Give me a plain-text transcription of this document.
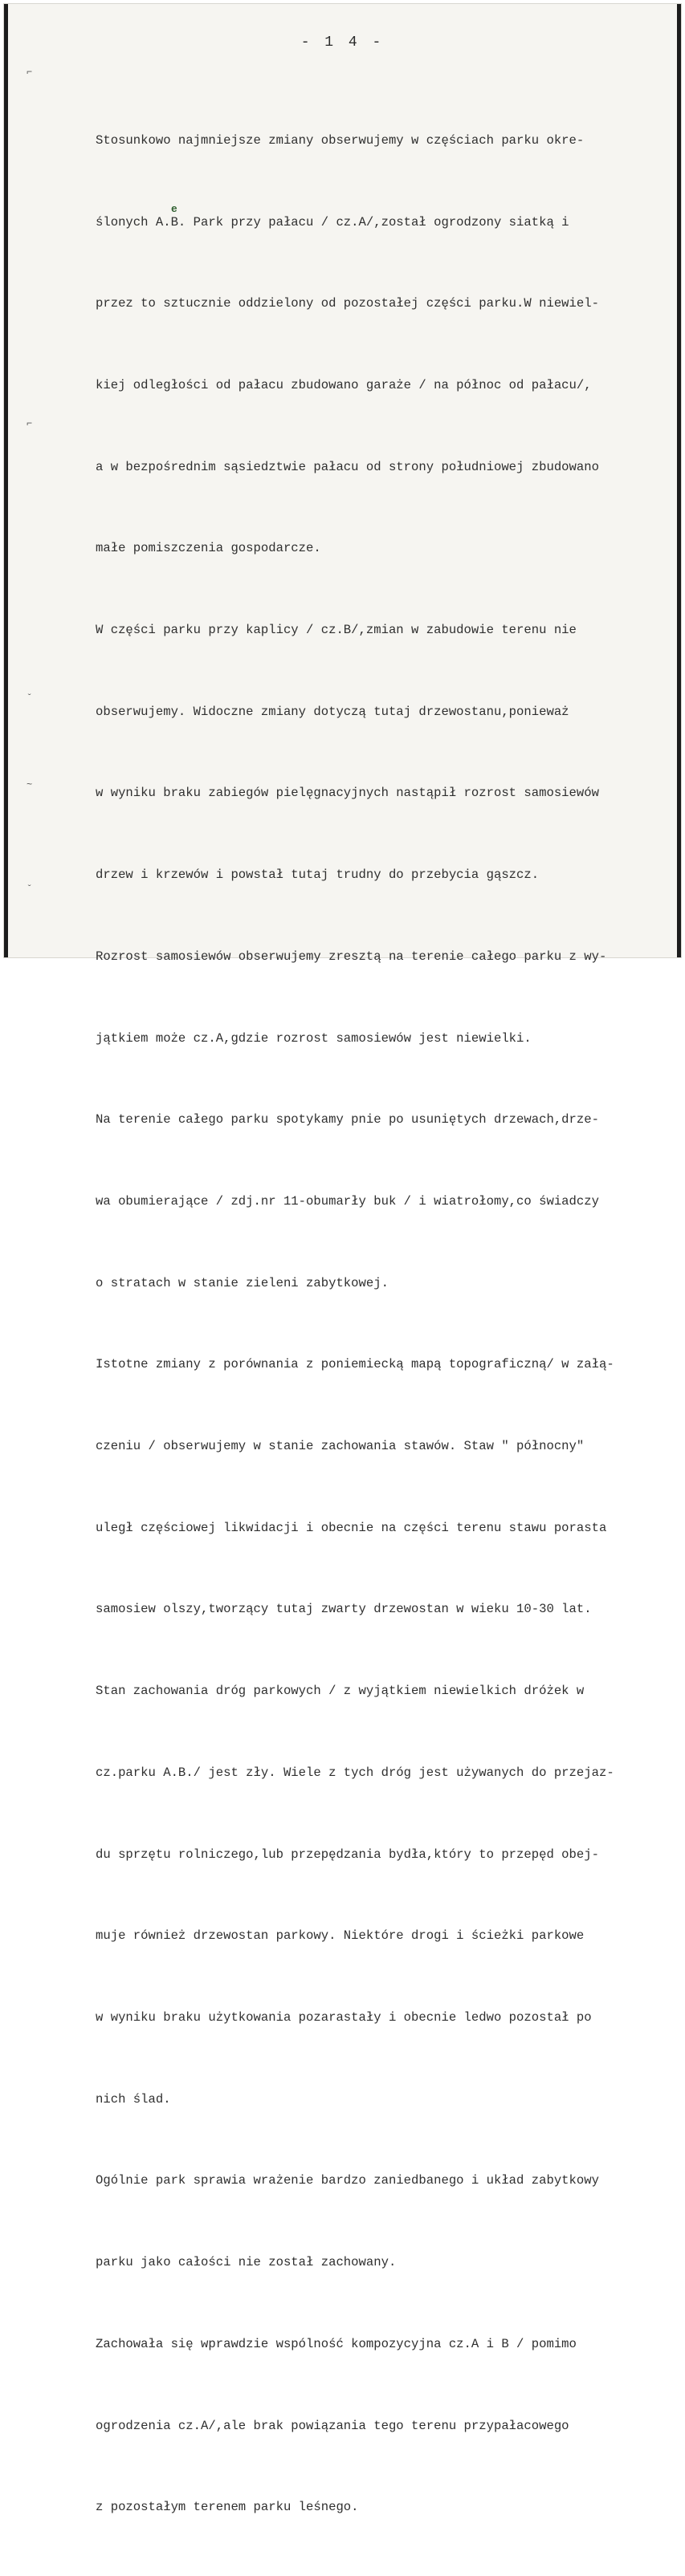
- 1 4 -
⌐
⌐
ˇ
~
ˇ
e

Stosunkowo najmniejsze zmiany obserwujemy w częściach parku okre-

ślonych A.B. Park przy pałacu / cz.A/,został ogrodzony siatką i

przez to sztucznie oddzielony od pozostałej części parku.W niewiel-

kiej odległości od pałacu zbudowano garaże / na północ od pałacu/,

a w bezpośrednim sąsiedztwie pałacu od strony południowej zbudowano

małe pomiszczenia gospodarcze.

W części parku przy kaplicy / cz.B/,zmian w zabudowie terenu nie

obserwujemy. Widoczne zmiany dotyczą tutaj drzewostanu,ponieważ

w wyniku braku zabiegów pielęgnacyjnych nastąpił rozrost samosiewów

drzew i krzewów i powstał tutaj trudny do przebycia gąszcz.

Rozrost samosiewów obserwujemy zresztą na terenie całego parku z wy-

jątkiem może cz.A,gdzie rozrost samosiewów jest niewielki.

Na terenie całego parku spotykamy pnie po usuniętych drzewach,drze-

wa obumierające / zdj.nr 11-obumarły buk / i wiatrołomy,co świadczy

o stratach w stanie zieleni zabytkowej.

Istotne zmiany z porównania z poniemiecką mapą topograficzną/ w załą-

czeniu / obserwujemy w stanie zachowania stawów. Staw " północny"

uległ częściowej likwidacji i obecnie na części terenu stawu porasta

samosiew olszy,tworzący tutaj zwarty drzewostan w wieku 10-30 lat.

Stan zachowania dróg parkowych / z wyjątkiem niewielkich dróżek w

cz.parku A.B./ jest zły. Wiele z tych dróg jest używanych do przejaz-

du sprzętu rolniczego,lub przepędzania bydła,który to przepęd obej-

muje również drzewostan parkowy. Niektóre drogi i ścieżki parkowe

w wyniku braku użytkowania pozarastały i obecnie ledwo pozostał po

nich ślad.

Ogólnie park sprawia wrażenie bardzo zaniedbanego i układ zabytkowy

parku jako całości nie został zachowany.

Zachowała się wprawdzie wspólność kompozycyjna cz.A i B / pomimo

ogrodzenia cz.A/,ale brak powiązania tego terenu przypałacowego

z pozostałym terenem parku leśnego.
